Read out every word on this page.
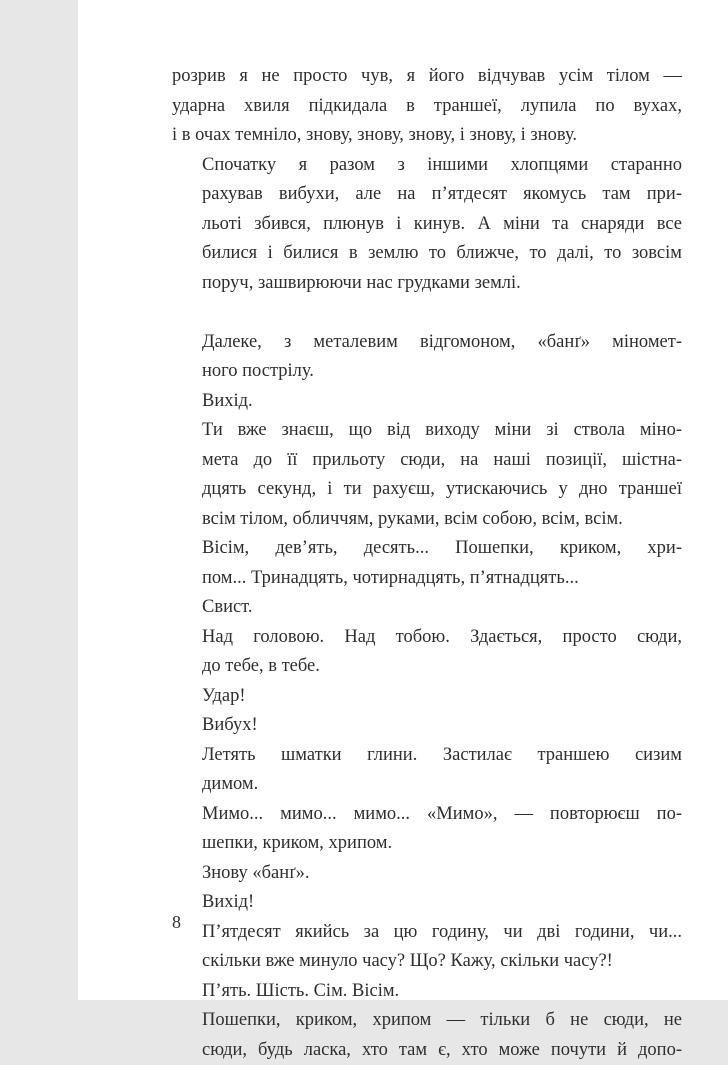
розрив я не просто чув, я його відчував усім тілом —
ударна хвиля підкидала в траншеї, лупила по вухах,
і в очах темніло, знову, знову, знову, і знову, і знову.

Спочатку я разом з іншими хлопцями старанно
рахував вибухи, але на п’ятдесят якомусь там при-
льоті збився, плюнув і кинув. А міни та снаряди все
билися і билися в землю то ближче, то далі, то зовсім
поруч, зашвирюючи нас грудками землі.

Далеке, з металевим відгомоном, «банґ» міномет-
ного пострілу.

Вихід.

Ти вже знаєш, що від виходу міни зі ствола міно-
мета до її прильоту сюди, на наші позиції, шістна-
дцять секунд, і ти рахуєш, утискаючись у дно траншеї
всім тілом, обличчям, руками, всім собою, всім, всім.

Вісім, дев’ять, десять... Пошепки, криком, хри-
пом... Тринадцять, чотирнадцять, п’ятнадцять...

Свист.

Над головою. Над тобою. Здається, просто сюди,
до тебе, в тебе.

Удар!

Вибух!

Летять шматки глини. Застилає траншею сизим
димом.

Мимо... мимо... мимо... «Мимо», — повторюєш по-
шепки, криком, хрипом.

Знову «банґ».

Вихід!

П’ятдесят якийсь за цю годину, чи дві години, чи...
скільки вже минуло часу? Що? Кажу, скільки часу?!

П’ять. Шість. Сім. Вісім.

Пошепки, криком, хрипом — тільки б не сюди, не
сюди, будь ласка, хто там є, хто може почути й допо-

8
